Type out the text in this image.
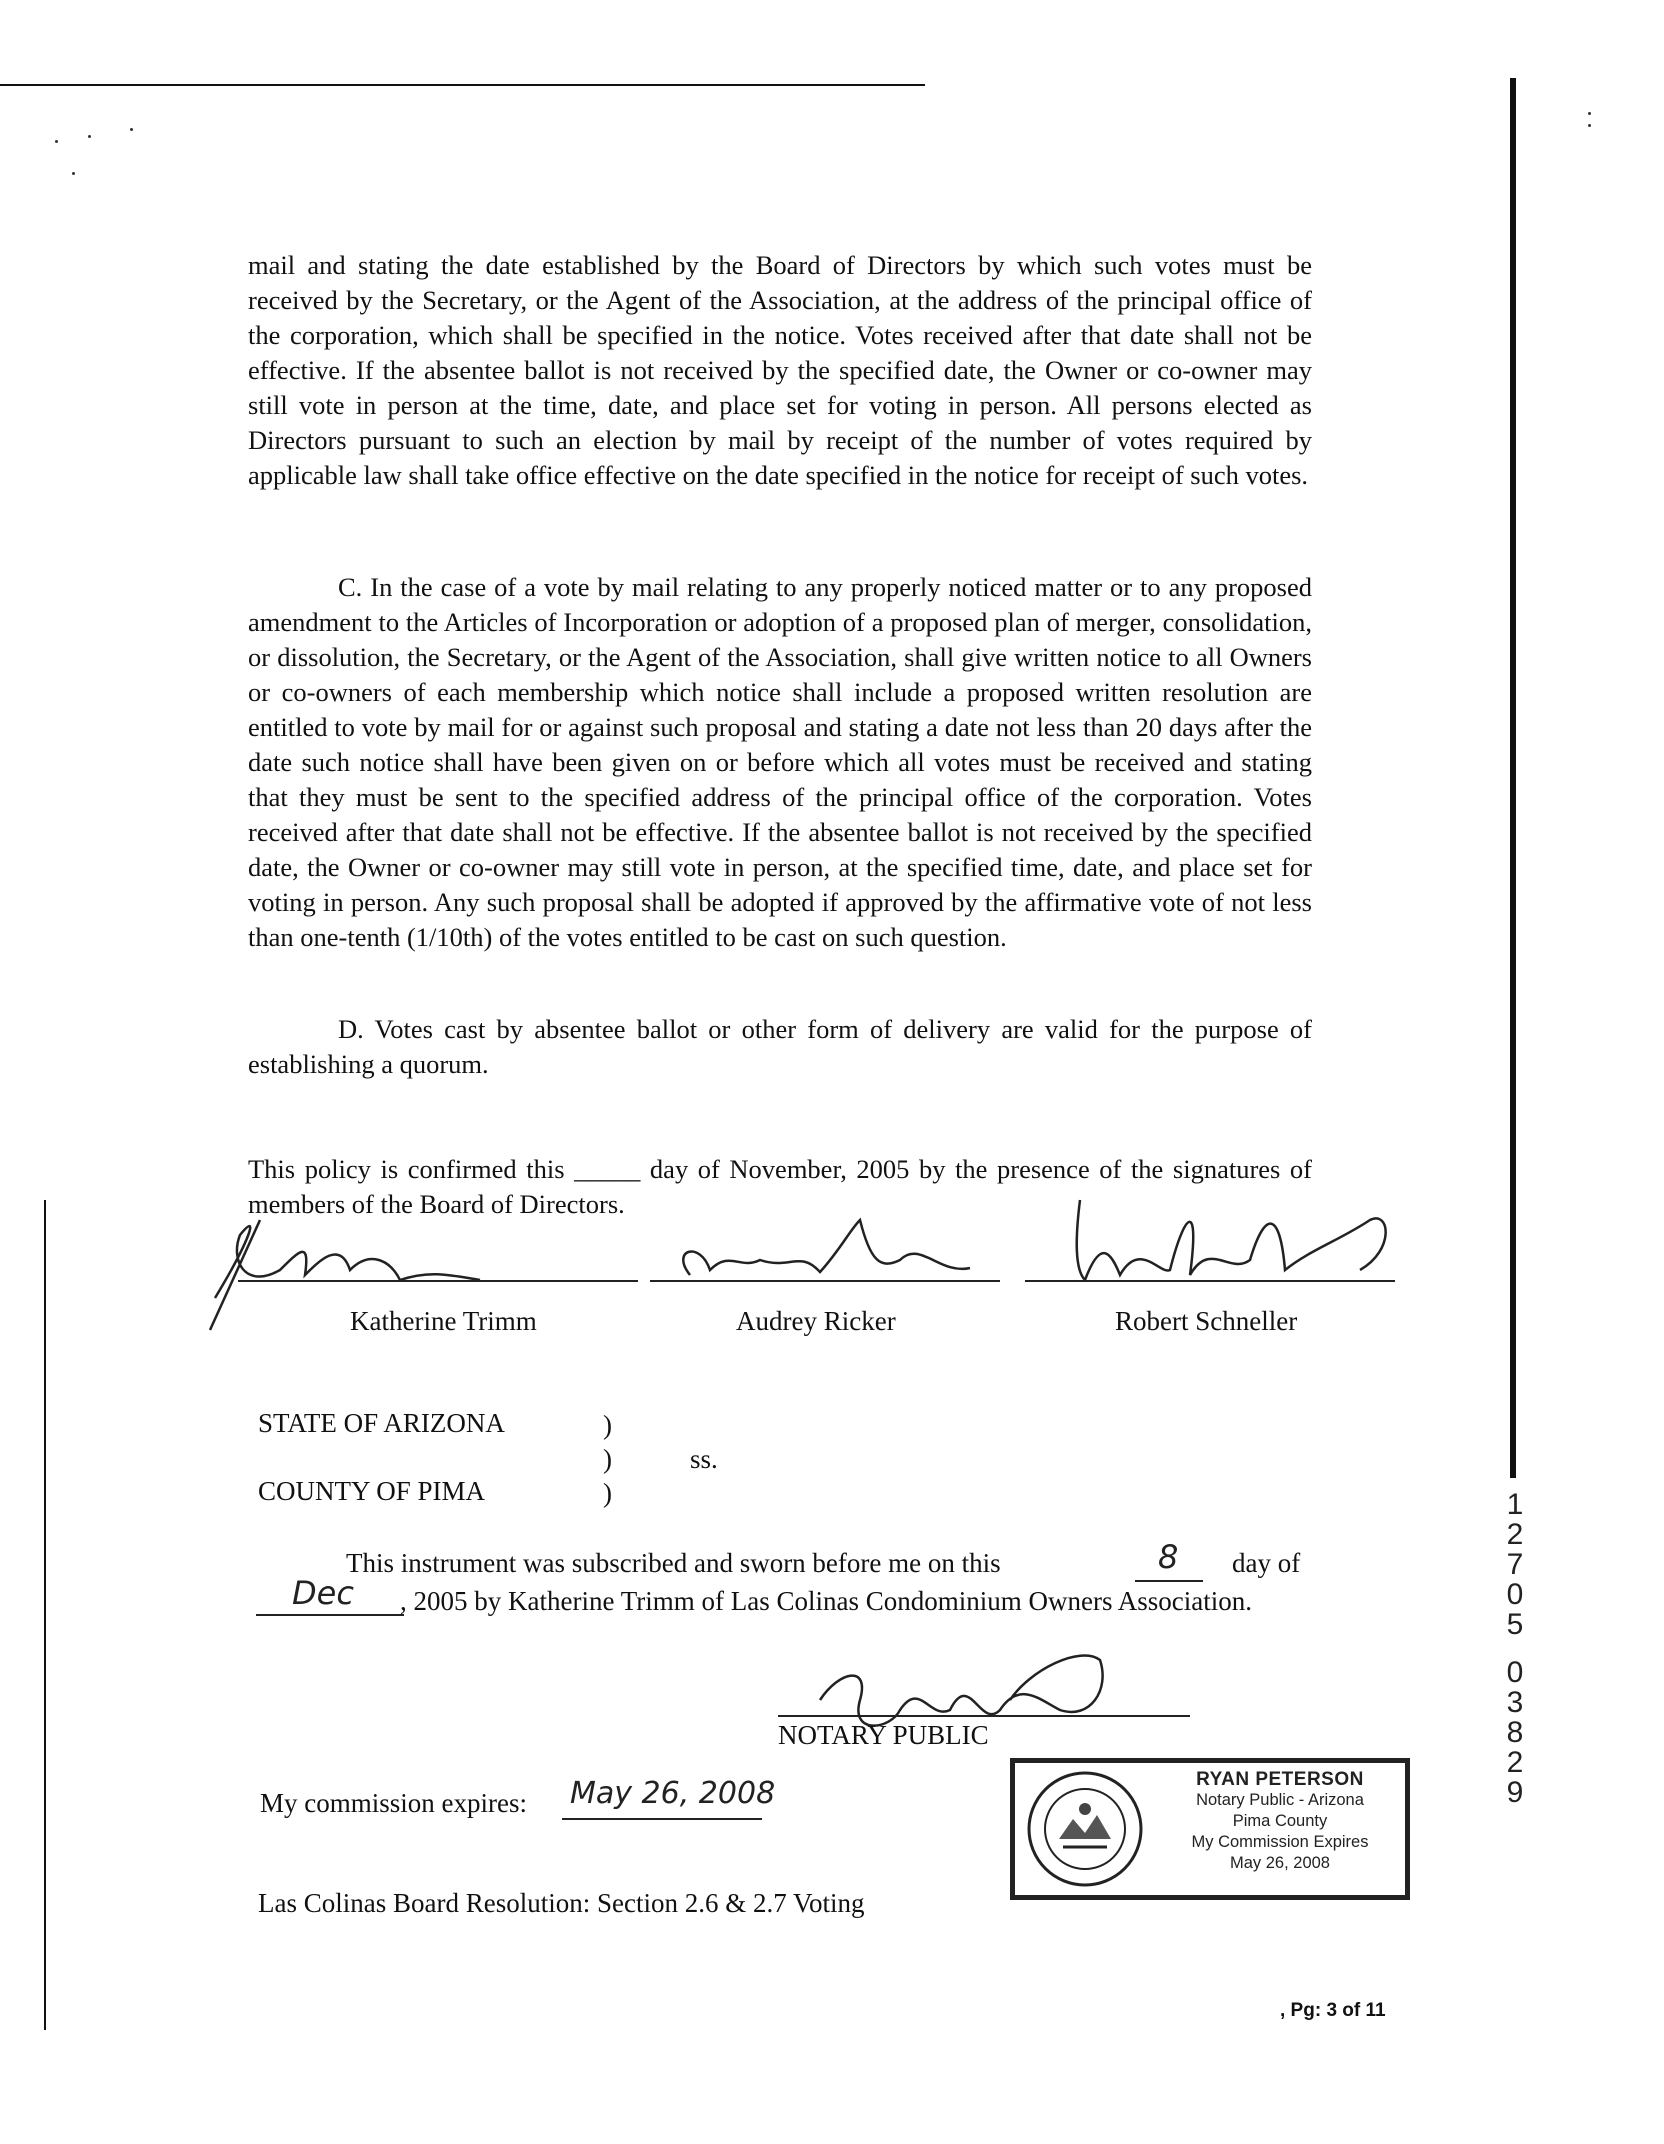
mail and stating the date established by the Board of Directors by which such votes must be received by the Secretary, or the Agent of the Association, at the address of the principal office of the corporation, which shall be specified in the notice. Votes received after that date shall not be effective. If the absentee ballot is not received by the specified date, the Owner or co-owner may still vote in person at the time, date, and place set for voting in person. All persons elected as Directors pursuant to such an election by mail by receipt of the number of votes required by applicable law shall take office effective on the date specified in the notice for receipt of such votes.

C. In the case of a vote by mail relating to any properly noticed matter or to any proposed amendment to the Articles of Incorporation or adoption of a proposed plan of merger, consolidation, or dissolution, the Secretary, or the Agent of the Association, shall give written notice to all Owners or co-owners of each membership which notice shall include a proposed written resolution are entitled to vote by mail for or against such proposal and stating a date not less than 20 days after the date such notice shall have been given on or before which all votes must be received and stating that they must be sent to the specified address of the principal office of the corporation. Votes received after that date shall not be effective. If the absentee ballot is not received by the specified date, the Owner or co-owner may still vote in person, at the specified time, date, and place set for voting in person. Any such proposal shall be adopted if approved by the affirmative vote of not less than one-tenth (1/10th) of the votes entitled to be cast on such question.

D. Votes cast by absentee ballot or other form of delivery are valid for the purpose of establishing a quorum.

This policy is confirmed this _____ day of November, 2005 by the presence of the signatures of members of the Board of Directors.

Katherine Trimm	Audrey Ricker	Robert Schneller
STATE OF ARIZONA	)
)
)
ss.
COUNTY OF PIMA
This instrument was subscribed and sworn before me on this	8 day of
Dec , 2005 by Katherine Trimm of Las Colinas Condominium Owners Association.
NOTARY PUBLIC
My commission expires: May 26, 2008	RYAN PETERSON
Notary Public - Arizona
Pima County
My Commission Expires
May 26, 2008
1
2
7
0
5
0
3
8
2
9
Las Colinas Board Resolution: Section 2.6 & 2.7 Voting
, Pg: 3 of 11
